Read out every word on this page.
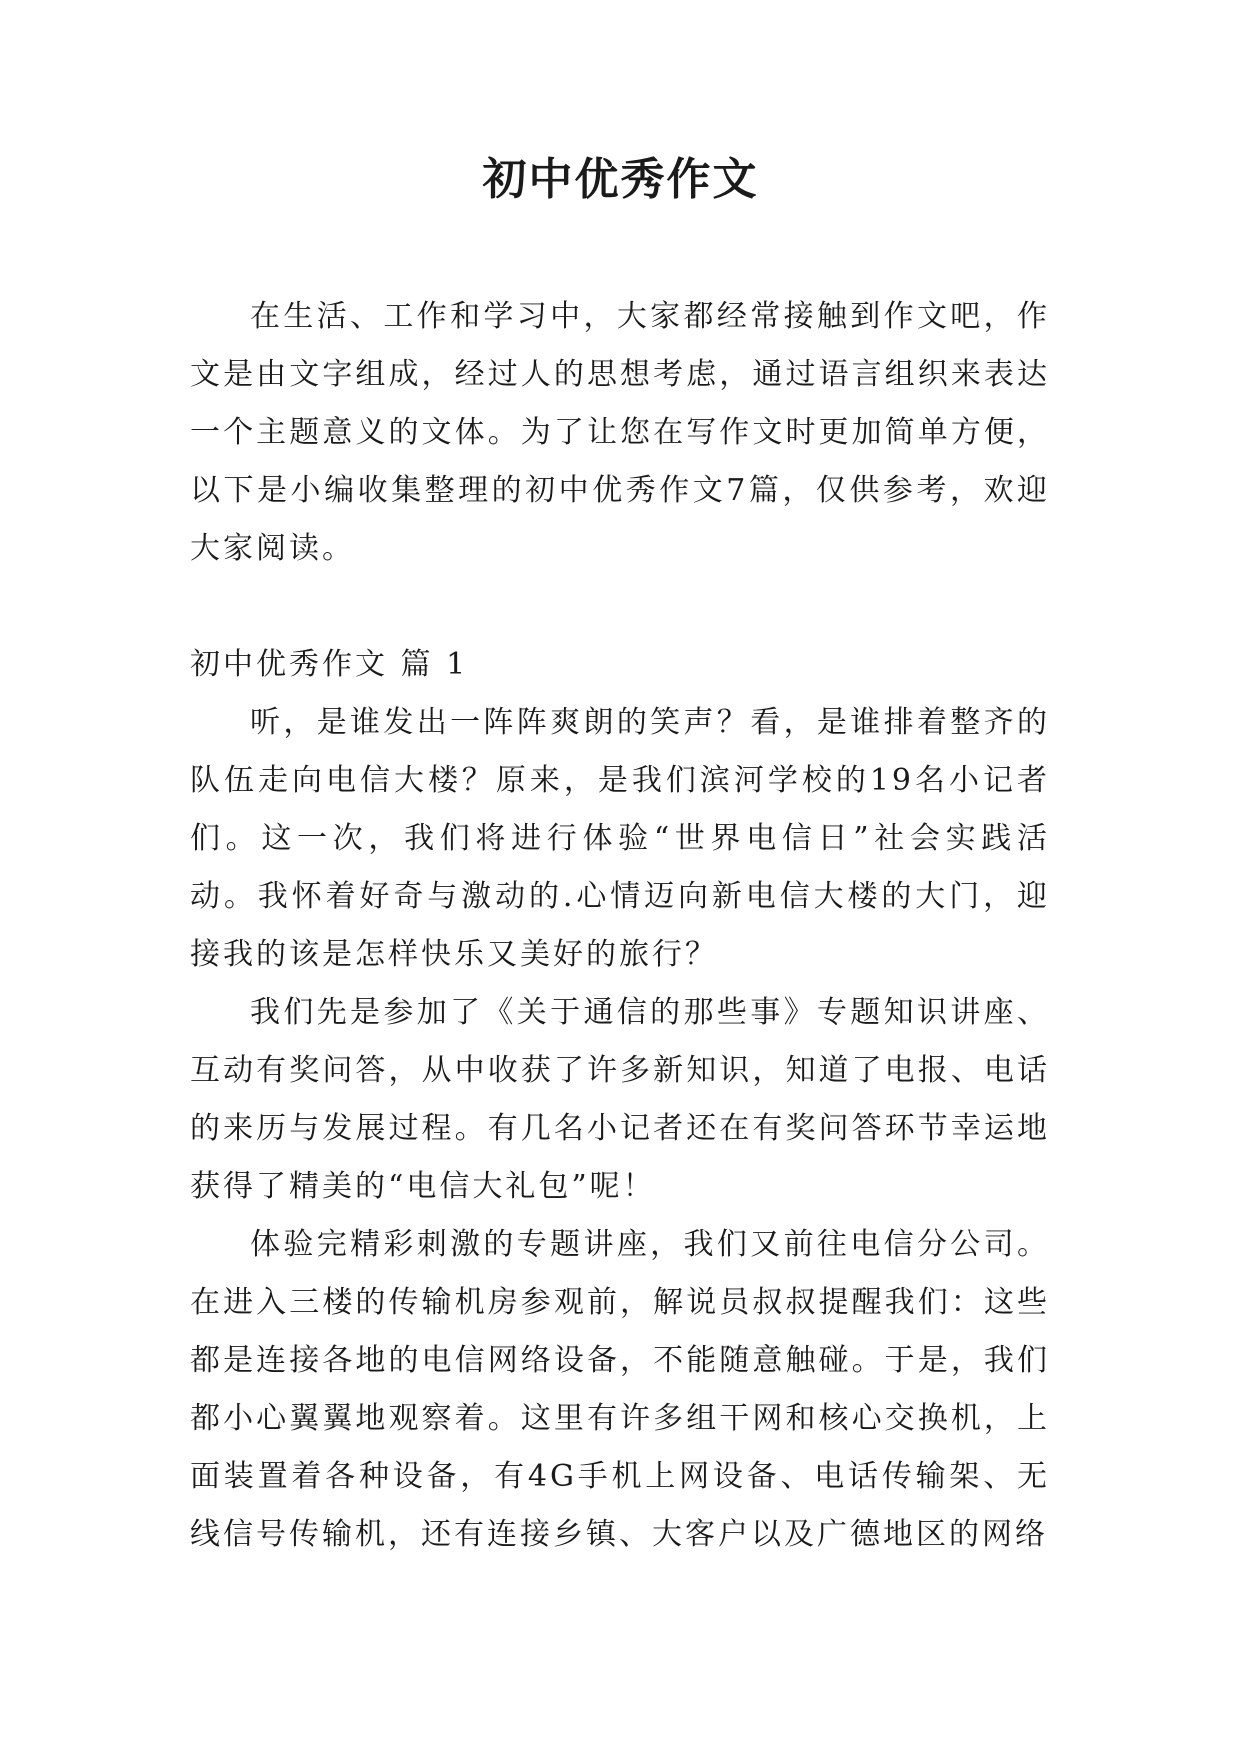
初中优秀作文

在生活、工作和学习中，大家都经常接触到作文吧，作文是由文字组成，经过人的思想考虑，通过语言组织来表达一个主题意义的文体。为了让您在写作文时更加简单方便，以下是小编收集整理的初中优秀作文7篇，仅供参考，欢迎大家阅读。

初中优秀作文 篇 1

听，是谁发出一阵阵爽朗的笑声？看，是谁排着整齐的队伍走向电信大楼？原来，是我们滨河学校的19名小记者们。这一次，我们将进行体验“世界电信日”社会实践活动。我怀着好奇与激动的.心情迈向新电信大楼的大门，迎接我的该是怎样快乐又美好的旅行？

我们先是参加了《关于通信的那些事》专题知识讲座、互动有奖问答，从中收获了许多新知识，知道了电报、电话的来历与发展过程。有几名小记者还在有奖问答环节幸运地获得了精美的“电信大礼包”呢！

体验完精彩刺激的专题讲座，我们又前往电信分公司。在进入三楼的传输机房参观前，解说员叔叔提醒我们：这些都是连接各地的电信网络设备，不能随意触碰。于是，我们都小心翼翼地观察着。这里有许多组干网和核心交换机，上面装置着各种设备，有4G手机上网设备、电话传输架、无线信号传输机，还有连接乡镇、大客户以及广德地区的网络
